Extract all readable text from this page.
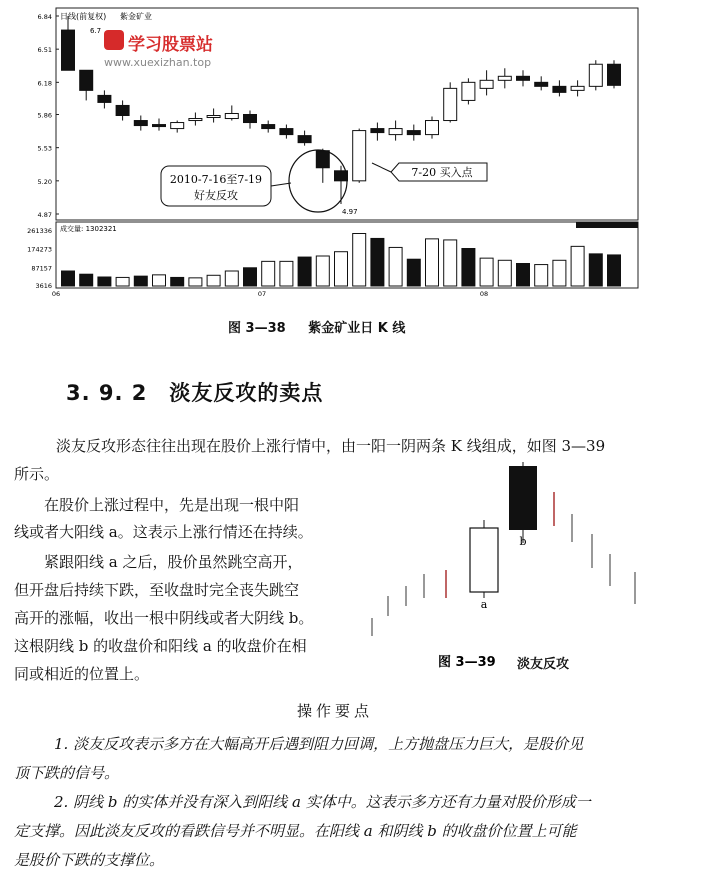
日线(前复权) 紫金矿业
成交量: 1302321
6.84
6.51
6.18
5.86
5.53
5.20
4.87
261336
174273
87157
3616
06	07	08
2010-7-16至7-19
好友反攻
7-20 买入点
4.97
6.7
学习股票站
www.xuexizhan.top
图 3—38 紫金矿业日 K 线
3. 9. 2　淡友反攻的卖点

淡友反攻形态往往出现在股价上涨行情中，由一阳一阴两条 K 线组成，如图 3—39

所示。

在股价上涨过程中，先是出现一根中阳

线或者大阳线 a。这表示上涨行情还在持续。

紧跟阳线 a 之后，股价虽然跳空高开，

但开盘后持续下跌，至收盘时完全丧失跳空

高开的涨幅，收出一根中阴线或者大阴线 b。

这根阴线 b 的收盘价和阳线 a 的收盘价在相

同或相近的位置上。

a
b
图 3—39 淡友反攻
操作要点

1. 淡友反攻表示多方在大幅高开后遇到阻力回调，上方抛盘压力巨大，是股价见

顶下跌的信号。

2. 阴线 b 的实体并没有深入到阳线 a 实体中。这表示多方还有力量对股价形成一

定支撑。因此淡友反攻的看跌信号并不明显。在阳线 a 和阴线 b 的收盘价位置上可能

是股价下跌的支撑位。
